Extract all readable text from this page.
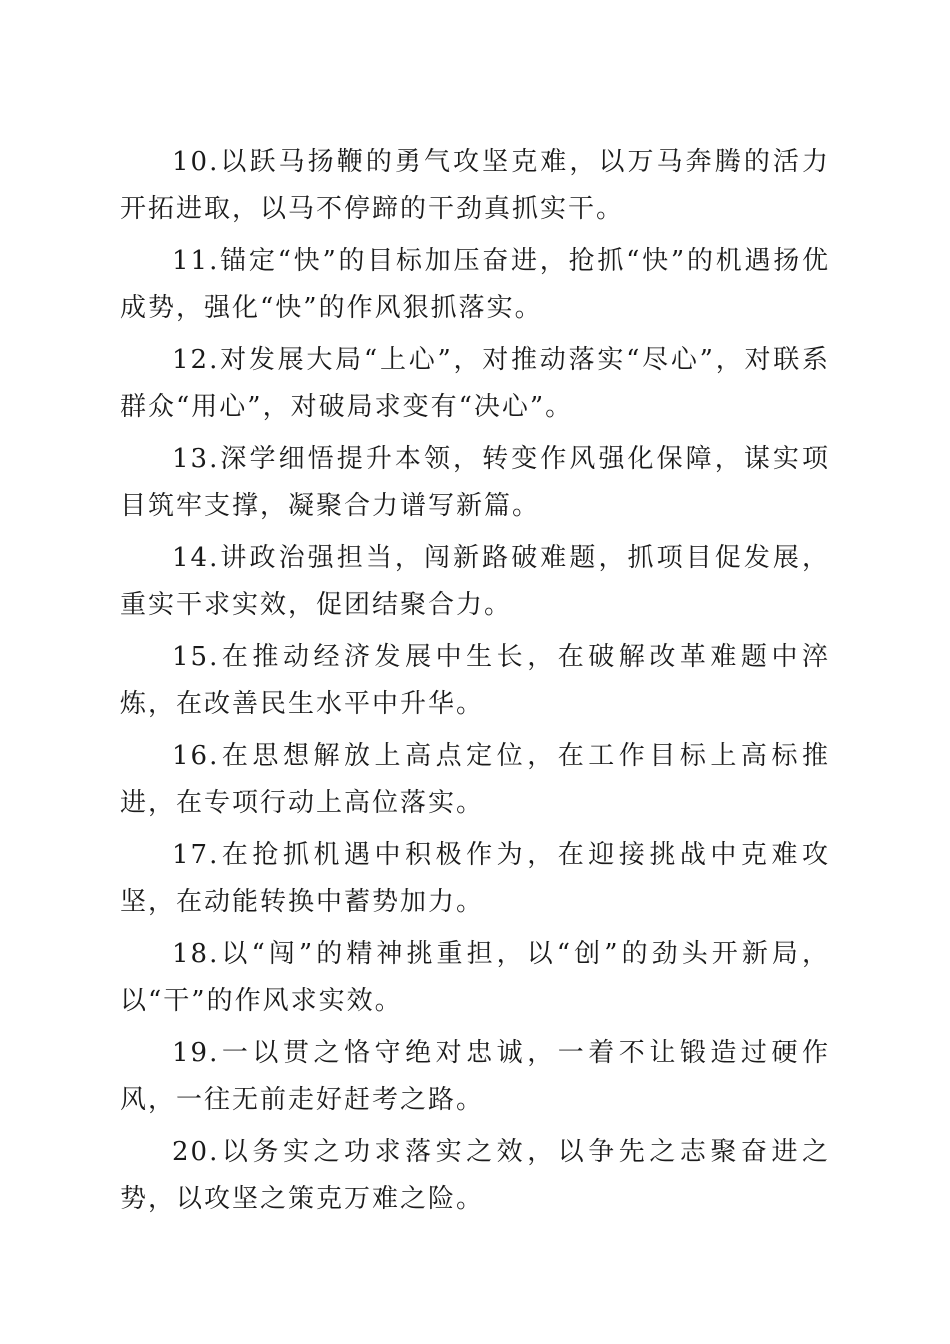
10.以跃马扬鞭的勇气攻坚克难，以万马奔腾的活力开拓进取，以马不停蹄的干劲真抓实干。

11.锚定“快”的目标加压奋进，抢抓“快”的机遇扬优成势，强化“快”的作风狠抓落实。

12.对发展大局“上心”，对推动落实“尽心”，对联系群众“用心”，对破局求变有“决心”。

13.深学细悟提升本领，转变作风强化保障，谋实项目筑牢支撑，凝聚合力谱写新篇。

14.讲政治强担当，闯新路破难题，抓项目促发展，重实干求实效，促团结聚合力。

15.在推动经济发展中生长，在破解改革难题中淬炼，在改善民生水平中升华。

16.在思想解放上高点定位，在工作目标上高标推进，在专项行动上高位落实。

17.在抢抓机遇中积极作为，在迎接挑战中克难攻坚，在动能转换中蓄势加力。

18.以“闯”的精神挑重担，以“创”的劲头开新局，以“干”的作风求实效。

19.一以贯之恪守绝对忠诚，一着不让锻造过硬作风，一往无前走好赶考之路。

20.以务实之功求落实之效，以争先之志聚奋进之势，以攻坚之策克万难之险。
